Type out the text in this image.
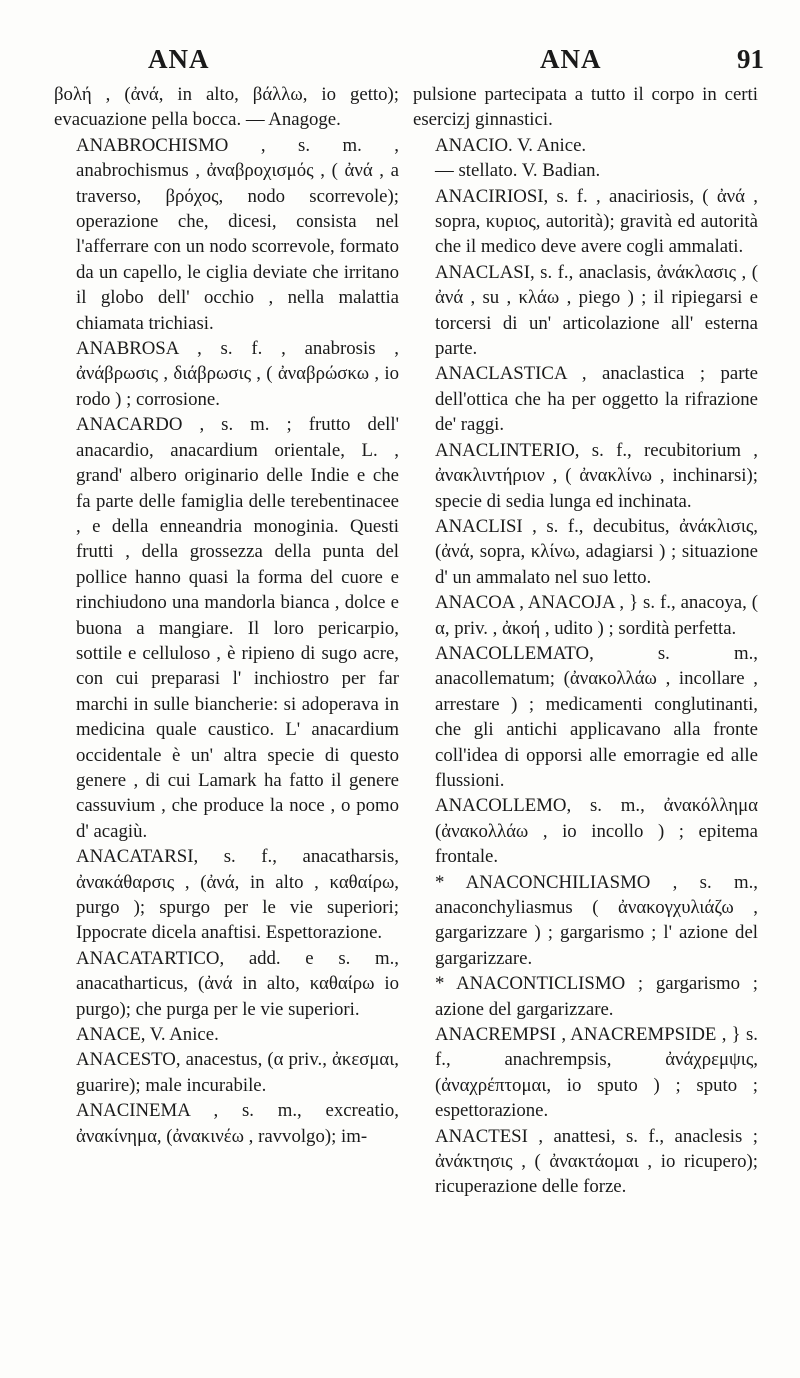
ANA	ANA	91

βολή , (ἀνά, in alto, βάλλω, io getto); evacuazione pella bocca. — Anagoge.

ANABROCHISMO , s. m. , anabrochismus , ἀναβροχισμός , ( ἀνά , a traverso, βρόχος, nodo scorrevole); operazione che, dicesi, consista nel l'afferrare con un nodo scorrevole, formato da un capello, le ciglia deviate che irritano il globo dell' occhio , nella malattia chiamata trichiasi.

ANABROSA , s. f. , anabrosis , ἀνάβρωσις , διάβρωσις , ( ἀναβρώσκω , io rodo ) ; corrosione.

ANACARDO , s. m. ; frutto dell' anacardio, anacardium orientale, L. , grand' albero originario delle Indie e che fa parte delle famiglia delle terebentinacee , e della enneandria monoginia. Questi frutti , della grossezza della punta del pollice hanno quasi la forma del cuore e rinchiudono una mandorla bianca , dolce e buona a mangiare. Il loro pericarpio, sottile e celluloso , è ripieno di sugo acre, con cui preparasi l' inchiostro per far marchi in sulle biancherie: si adoperava in medicina quale caustico. L' anacardium occidentale è un' altra specie di questo genere , di cui Lamark ha fatto il genere cassuvium , che produce la noce , o pomo d' acagiù.

ANACATARSI, s. f., anacatharsis, ἀνακάθαρσις , (ἀνά, in alto , καθαίρω, purgo ); spurgo per le vie superiori; Ippocrate dicela anaftisi. Espettorazione.

ANACATARTICO, add. e s. m., anacatharticus, (ἀνά in alto, καθαίρω io purgo); che purga per le vie superiori.

ANACE, V. Anice.

ANACESTO, anacestus, (α priv., ἀκεσμαι, guarire); male incurabile.

ANACINEMA , s. m., excreatio, ἀνακίνημα, (ἀνακινέω , ravvolgo); im-

pulsione partecipata a tutto il corpo in certi esercizj ginnastici.

ANACIO. V. Anice.

— stellato. V. Badian.

ANACIRIOSI, s. f. , anaciriosis, ( ἀνά , sopra, κυριος, autorità); gravità ed autorità che il medico deve avere cogli ammalati.

ANACLASI, s. f., anaclasis, ἀνάκλασις , ( ἀνά , su , κλάω , piego ) ; il ripiegarsi e torcersi di un' articolazione all' esterna parte.

ANACLASTICA , anaclastica ; parte dell'ottica che ha per oggetto la rifrazione de' raggi.

ANACLINTERIO, s. f., recubitorium , ἀνακλιντήριον , ( ἀνακλίνω , inchinarsi); specie di sedia lunga ed inchinata.

ANACLISI , s. f., decubitus, ἀνάκλισις, (ἀνά, sopra, κλίνω, adagiarsi ) ; situazione d' un ammalato nel suo letto.

ANACOA , ANACOJA , } s. f., anacoya, ( α, priv. , ἀκοή , udito ) ; sordità perfetta.

ANACOLLEMATO, s. m., anacollematum; (ἀνακολλάω , incollare , arrestare ) ; medicamenti conglutinanti, che gli antichi applicavano alla fronte coll'idea di opporsi alle emorragie ed alle flussioni.

ANACOLLEMO, s. m., ἀνακόλλημα (ἀνακολλάω , io incollo ) ; epitema frontale.

* ANACONCHILIASMO , s. m., anaconchyliasmus ( ἀνακογχυλιάζω , gargarizzare ) ; gargarismo ; l' azione del gargarizzare.

* ANACONTICLISMO ; gargarismo ; azione del gargarizzare.

ANACREMPSI , ANACREMPSIDE , } s. f., anachrempsis, ἀνάχρεμψις, (ἀναχρέπτομαι, io sputo ) ; sputo ; espettorazione.

ANACTESI , anattesi, s. f., anaclesis ; ἀνάκτησις , ( ἀνακτάομαι , io ricupero); ricuperazione delle forze.
